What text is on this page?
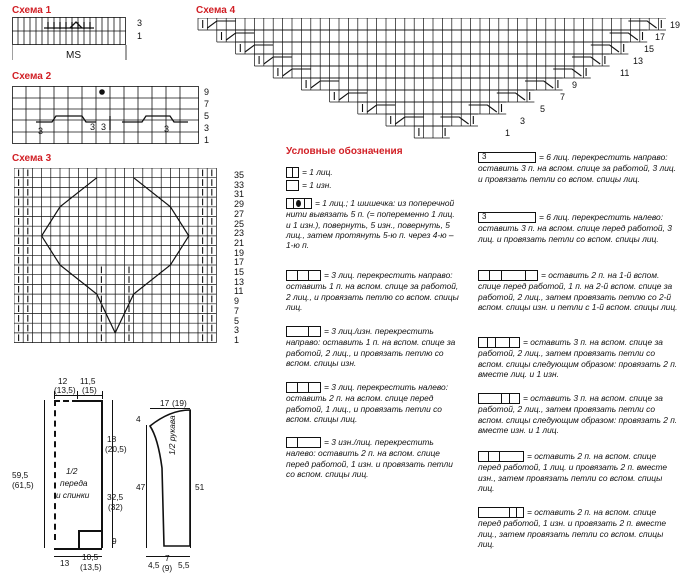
Схема 1
Схема 2
Схема 3
Схема 4
3
1
MS
3	3 3	3
9
7
5
3
1
35
33
31
29
27
25
23
21
19
17
15
13
11
9
7
5
3
1
19
17
15
13
11
9
7
5
3
1
Условные обозначения
= 1 лиц.
= 1 изн.
= 1 лиц.; 1 шишечка: из поперечной нити вывязать 5 п. (= попеременно 1 лиц. и 1 изн.), повернуть, 5 изн., повернуть, 5 лиц., затем протянуть 5-ю п. через 4-ю – 1-ю п.
= 3 лиц. перекрестить направо: оставить 1 п. на вспом. спице за работой, 2 лиц., и провязать петлю со вспом. спицы лиц.
= 3 лиц./изн. перекрестить направо: оставить 1 п. на вспом. спице за работой, 2 лиц., и провязать петлю со вспом. спицы изн.
= 3 лиц. перекрестить налево: оставить 2 п. на вспом. спице перед работой, 1 лиц., и провязать петли со вспом. спицы лиц.
= 3 изн./лиц. перекрестить налево: оставить 2 п. на вспом. спице перед работой, 1 изн. и провязать петли со вспом. спицы лиц.
3	= 6 лиц. перекрестить направо: оставить 3 п. на вспом. спице за работой, 3 лиц. и провязать петли со вспом. спицы лиц.
3	= 6 лиц. перекрестить налево: оставить 3 п. на вспом. спице перед работой, 3 лиц. и провязать петли со вспом. спицы лиц.
= оставить 2 п. на 1-й вспом. спице перед работой, 1 п. на 2-й вспом. спице за работой, 2 лиц., затем провязать петлю со 2-й вспом. спицы изн. и петли с 1-й вспом. спицы лиц.
= оставить 3 п. на вспом. спице за работой, 2 лиц., затем провязать петли со вспом. спицы следующим образом: провязать 2 п. вместе лиц. и 1 изн.
= оставить 3 п. на вспом. спице за работой, 2 лиц., затем провязать петли со вспом. спицы следующим образом: провязать 2 п. вместе изн. и 1 лиц.
= оставить 2 п. на вспом. спице перед работой, 1 лиц. и провязать 2 п. вместе изн., затем провязать петли со вспом. спицы лиц.
= оставить 2 п. на вспом. спице перед работой, 1 изн. и провязать 2 п. вместе лиц., затем провязать петли со вспом. спицы лиц.
12
(13,5)
11,5
(15)
59,5
(61,5)
18
(20,5)
32,5
(32)
9
1/2
переда
и спинки
13
10,5
(13,5)
17 (19)
4
47	51
1/2 рукава
4,5
7
(9) 5,5
